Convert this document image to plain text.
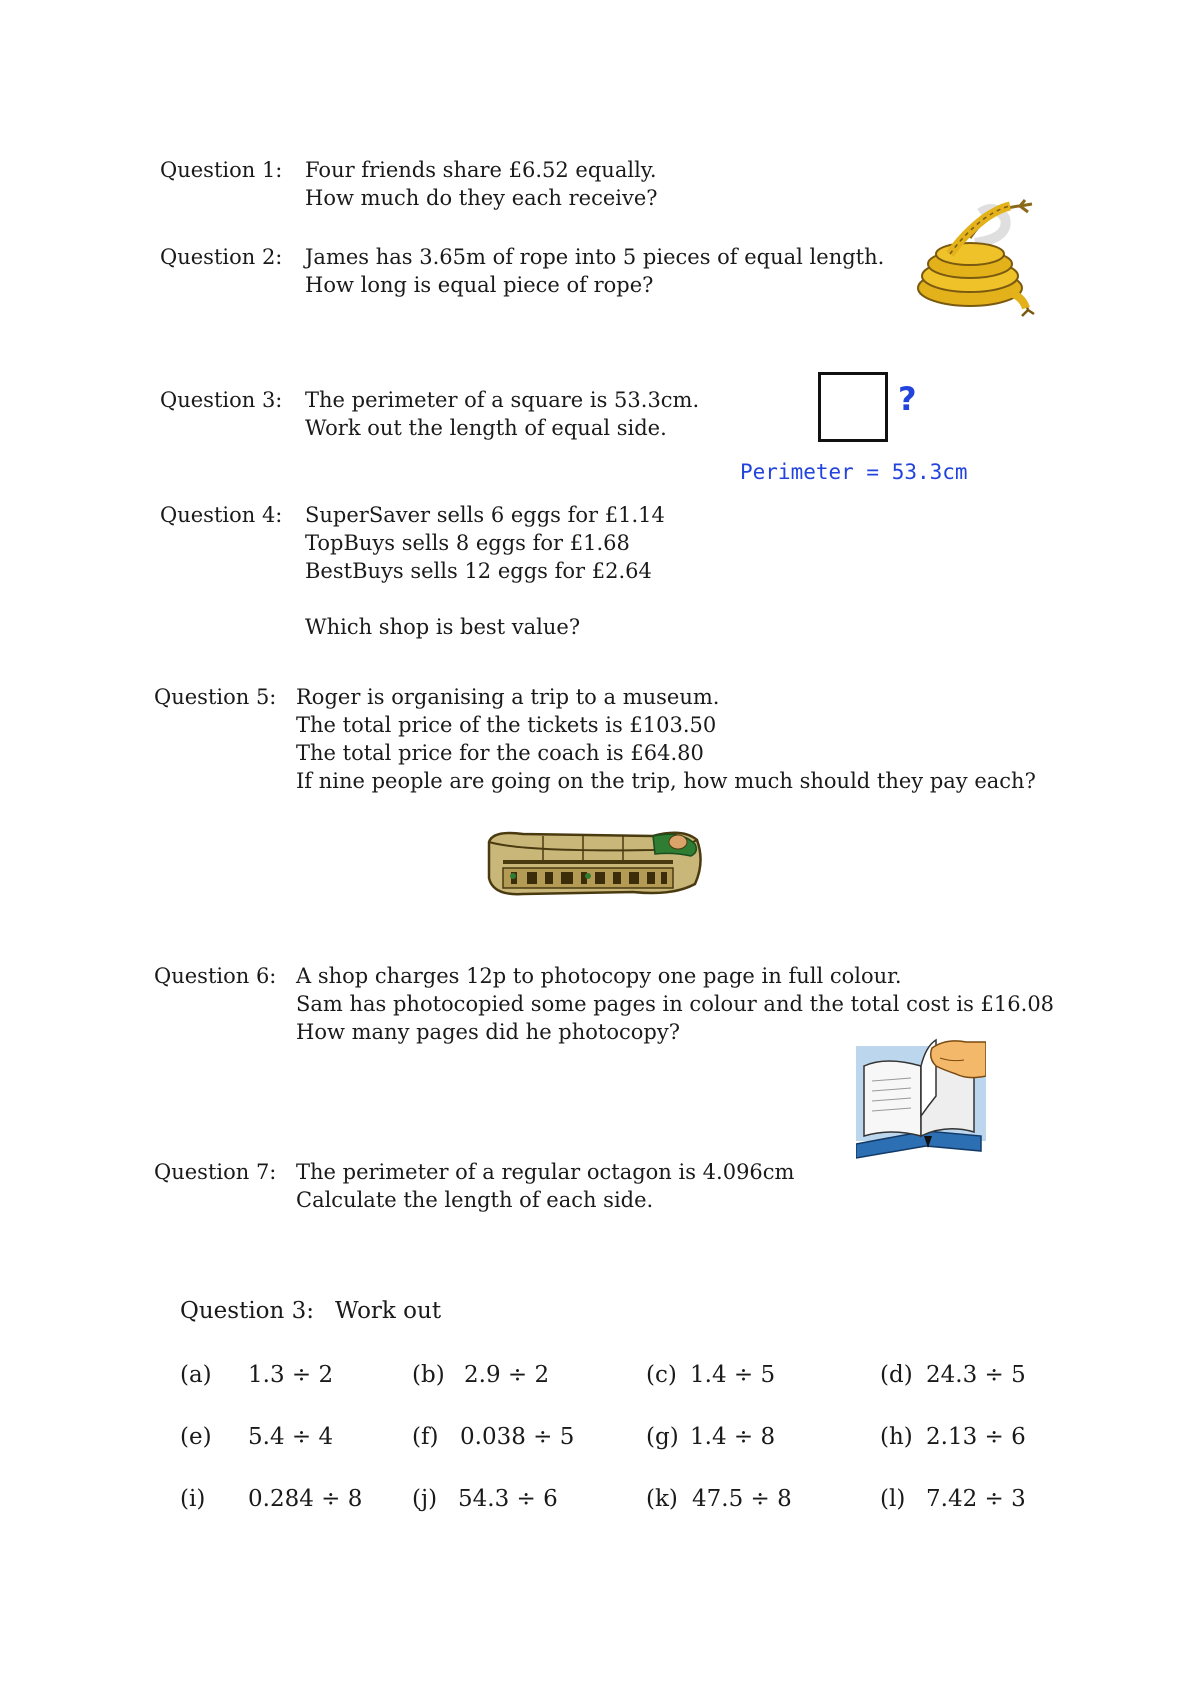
Question 1: Four friends share £6.52 equally.
How much do they each receive?
Question 2: James has 3.65m of rope into 5 pieces of equal length.
How long is equal piece of rope?
Question 3: The perimeter of a square is 53.3cm.
Work out the length of equal side.
?
Perimeter = 53.3cm
Question 4: SuperSaver sells 6 eggs for £1.14
TopBuys sells 8 eggs for £1.68
BestBuys sells 12 eggs for £2.64
Which shop is best value?
Question 5: Roger is organising a trip to a museum.
The total price of the tickets is £103.50
The total price for the coach is £64.80
If nine people are going on the trip, how much should they pay each?
Question 6: A shop charges 12p to photocopy one page in full colour.
Sam has photocopied some pages in colour and the total cost is £16.08
How many pages did he photocopy?
Question 7: The perimeter of a regular octagon is 4.096cm
Calculate the length of each side.
Question 3: Work out
(a) 1.3 ÷ 2	(b) 2.9 ÷ 2	(c) 1.4 ÷ 5	(d) 24.3 ÷ 5
(e) 5.4 ÷ 4	(f) 0.038 ÷ 5	(g) 1.4 ÷ 8	(h) 2.13 ÷ 6
(i) 0.284 ÷ 8 (j) 54.3 ÷ 6	(k) 47.5 ÷ 8	(l) 7.42 ÷ 3
